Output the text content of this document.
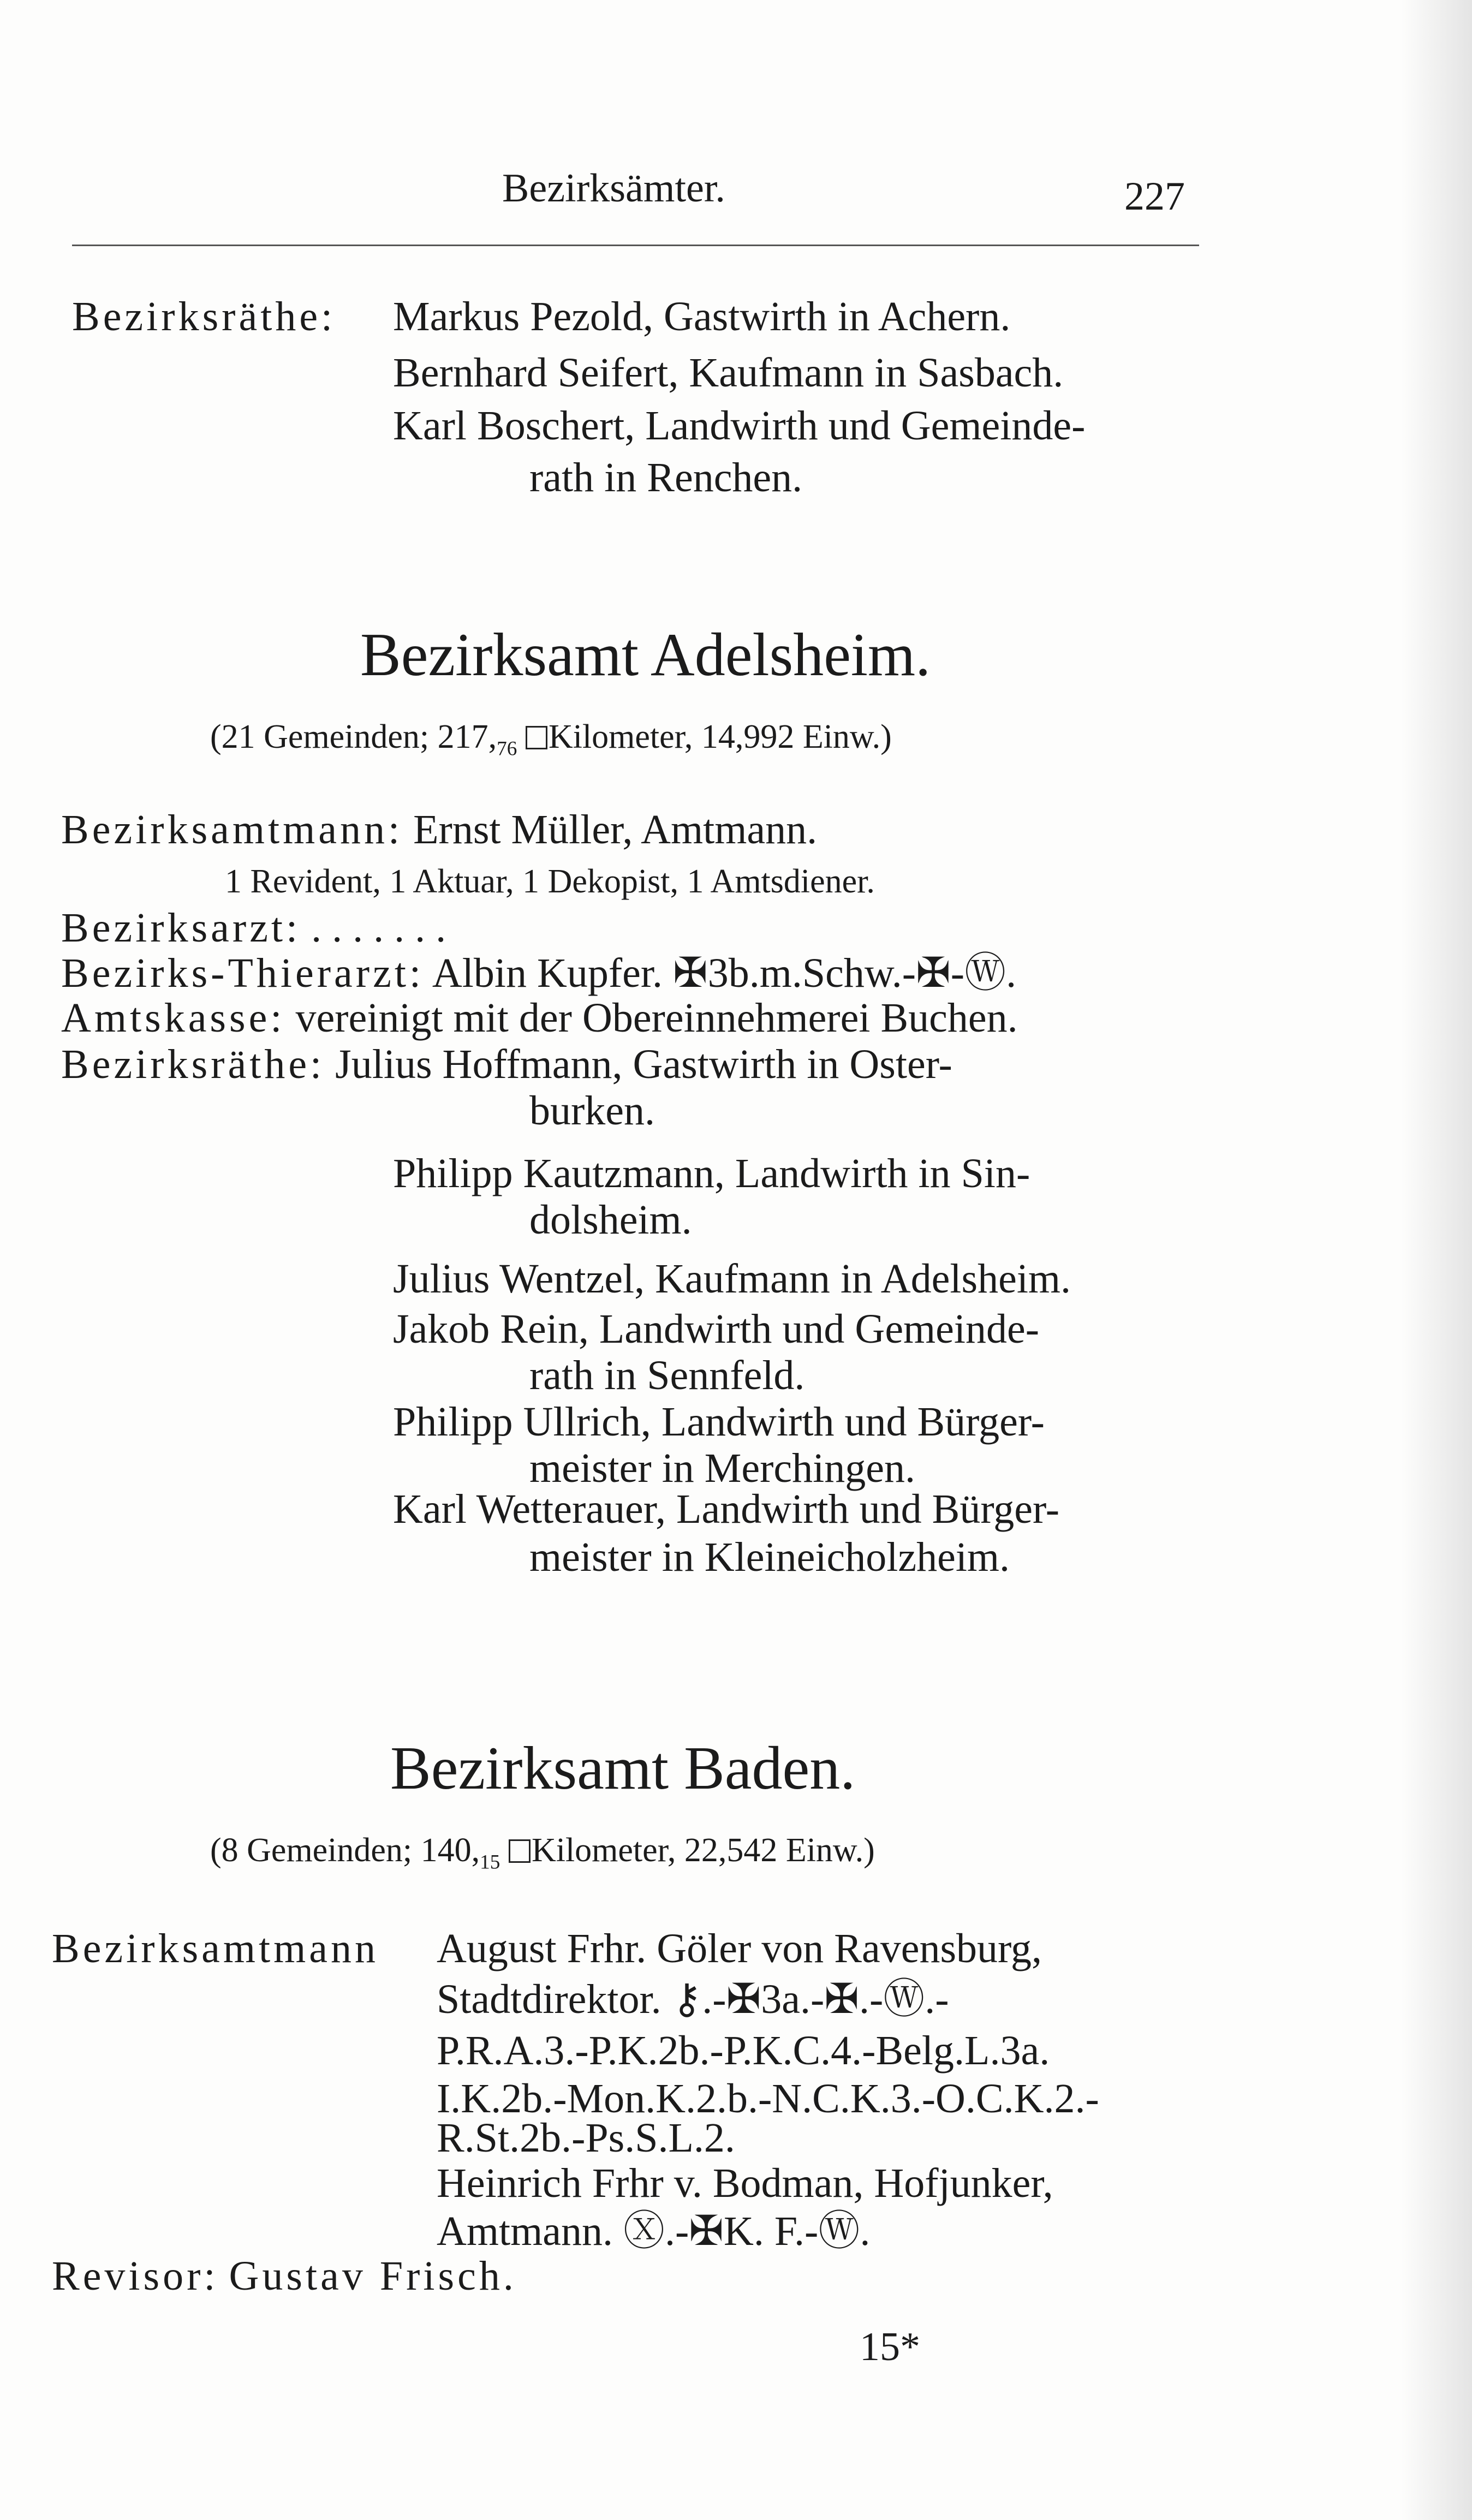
Bezirksämter.	227
Bezirksräthe: Markus Pezold, Gastwirth in Achern.
Bernhard Seifert, Kaufmann in Sasbach.
Karl Boschert, Landwirth und Gemeinde-
rath in Renchen.
Bezirksamt Adelsheim.
(21 Gemeinden; $217,_{76}$ Kilometer, 14,992 Einw.)
Bezirksamtmann: Ernst Müller, Amtmann.
1 Revident, 1 Aktuar, 1 Dekopist, 1 Amtsdiener.
Bezirksarzt: . . . . . . .
Bezirks-Thierarzt: Albin Kupfer. ✠3b.m.Schw.-✠-Ⓦ.
Amtskasse: vereinigt mit der Obereinnehmerei Buchen.
Bezirksräthe: Julius Hoffmann, Gastwirth in Oster-
burken.
Philipp Kautzmann, Landwirth in Sin-
dolsheim.
Julius Wentzel, Kaufmann in Adelsheim.
Jakob Rein, Landwirth und Gemeinde-
rath in Sennfeld.
Philipp Ullrich, Landwirth und Bürger-
meister in Merchingen.
Karl Wetterauer, Landwirth und Bürger-
meister in Kleineicholzheim.
Bezirksamt Baden.
(8 Gemeinden; $140,_{15}$ Kilometer, 22,542 Einw.)
Bezirksamtmann August Frhr. Göler von Ravensburg,
Stadtdirektor. ⚷.-✠3a.-✠.-Ⓦ.-
P.R.A.3.-P.K.2b.-P.K.C.4.-Belg.L.3a.
I.K.2b.-Mon.K.2.b.-N.C.K.3.-O.C.K.2.-
R.St.2b.-Ps.S.L.2.
Heinrich Frhr v. Bodman, Hofjunker,
Amtmann. Ⓧ.-✠K. F.-Ⓦ.
Revisor: Gustav Frisch.
15*
